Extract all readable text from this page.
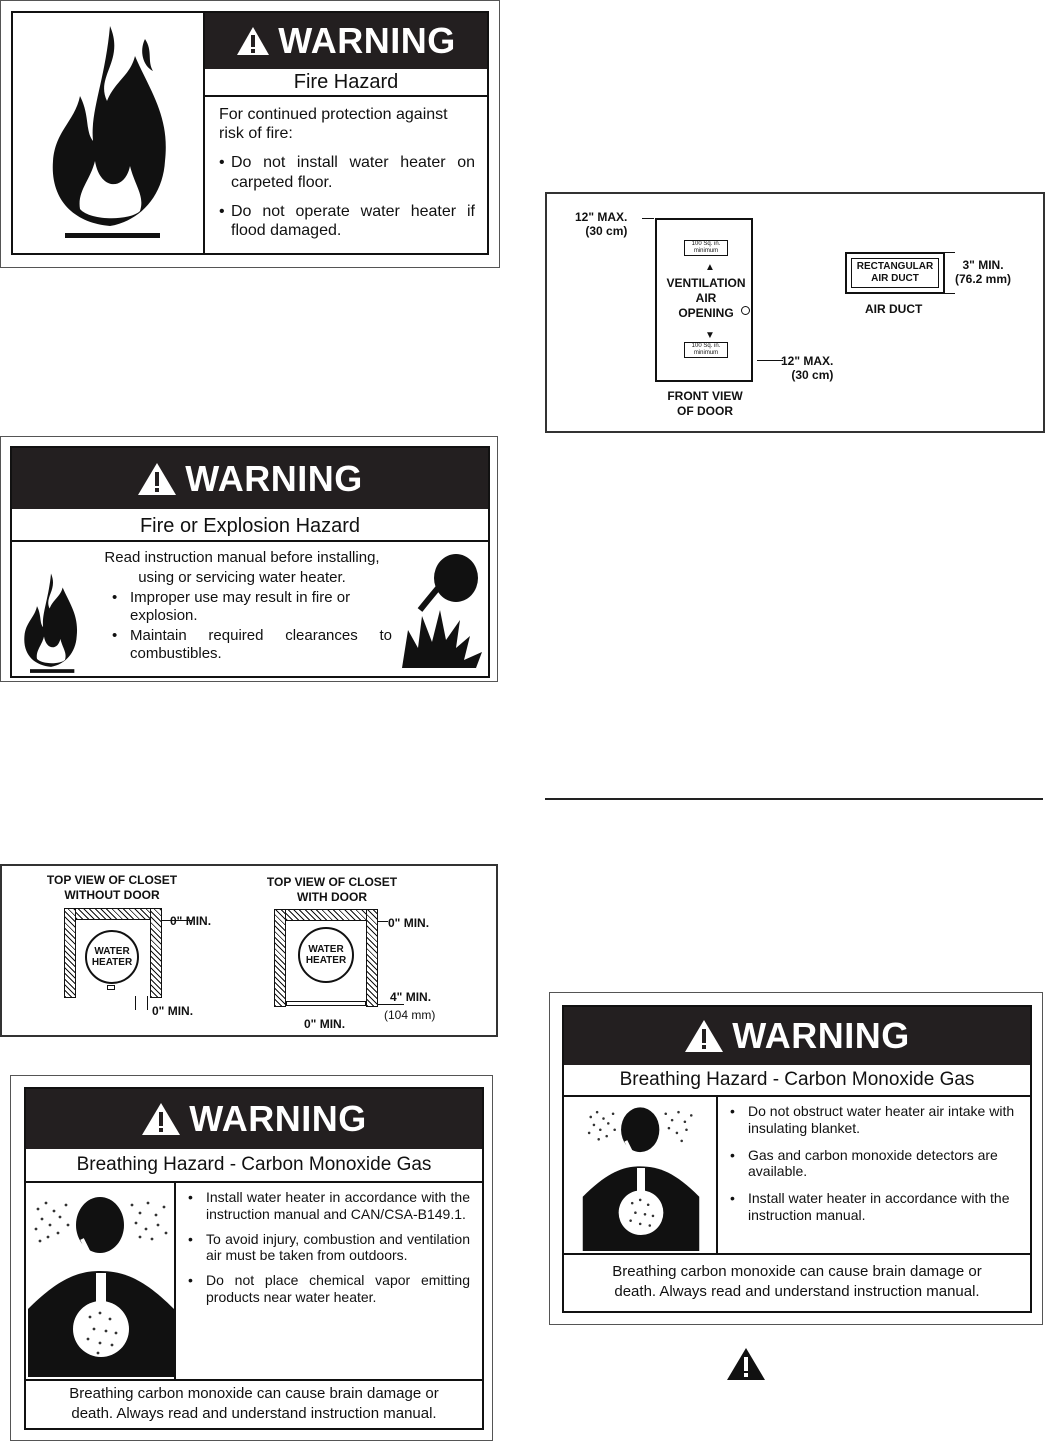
WARNING
Fire Hazard
For continued protection against risk of fire:
• Do not install water heater on carpeted floor.
• Do not operate water heater if flood damaged.
WARNING
Fire or Explosion Hazard
Read instruction manual before installing,
using or servicing water heater.
• Improper use may result in fire or explosion.
• Maintain required clearances to combustibles.
TOP VIEW OF CLOSET
WITHOUT DOOR
WATER
HEATER
0" MIN.
0" MIN.
TOP VIEW OF CLOSET
WITH DOOR
WATER
HEATER
0" MIN.
4" MIN.
(104 mm)
0" MIN.
WARNING
Breathing Hazard - Carbon Monoxide Gas
• Install water heater in accordance with the instruction manual and CAN/CSA-B149.1.
• To avoid injury, combustion and ventilation air must be taken from outdoors.
• Do not place chemical vapor emitting products near water heater.
Breathing carbon monoxide can cause brain damage or
death. Always read and understand instruction manual.
12" MAX.
(30 cm)
100 Sq. in.
minimum
▲
VENTILATION
AIR
OPENING
▼
100 Sq. in.
minimum
12" MAX.
(30 cm)
FRONT VIEW
OF DOOR
RECTANGULAR
AIR DUCT
3" MIN.
(76.2 mm)
AIR DUCT
WARNING
Breathing Hazard - Carbon Monoxide Gas
• Do not obstruct water heater air intake with insulating blanket.
• Gas and carbon monoxide detectors are available.
• Install water heater in accordance with the instruction manual.
Breathing carbon monoxide can cause brain damage or
death. Always read and understand instruction manual.
